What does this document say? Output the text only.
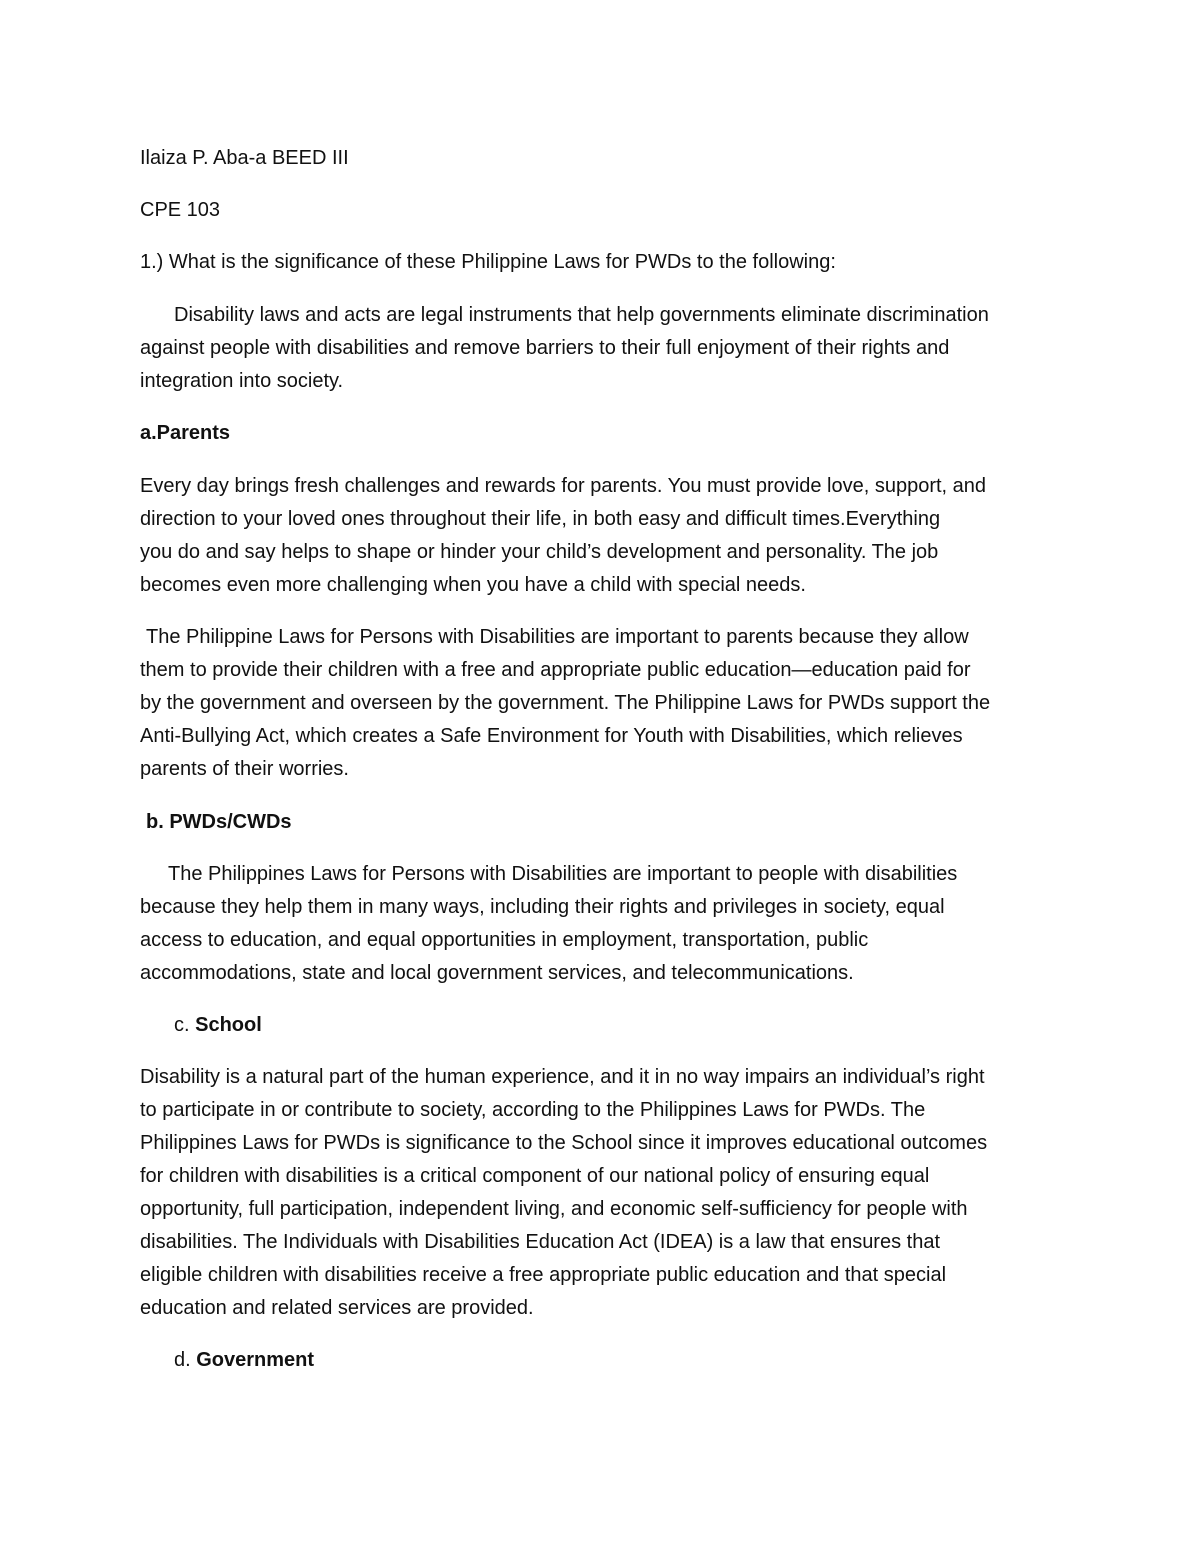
Ilaiza P. Aba-a BEED III

CPE 103

1.) What is the significance of these Philippine Laws for PWDs to the following:

Disability laws and acts are legal instruments that help governments eliminate discrimination

against people with disabilities and remove barriers to their full enjoyment of their rights and

integration into society.

a.Parents

Every day brings fresh challenges and rewards for parents. You must provide love, support, and

direction to your loved ones throughout their life, in both easy and difficult times.Everything

you do and say helps to shape or hinder your child’s development and personality. The job

becomes even more challenging when you have a child with special needs.

The Philippine Laws for Persons with Disabilities are important to parents because they allow

them to provide their children with a free and appropriate public education—education paid for

by the government and overseen by the government. The Philippine Laws for PWDs support the

Anti-Bullying Act, which creates a Safe Environment for Youth with Disabilities, which relieves

parents of their worries.

b. PWDs/CWDs

The Philippines Laws for Persons with Disabilities are important to people with disabilities

because they help them in many ways, including their rights and privileges in society, equal

access to education, and equal opportunities in employment, transportation, public

accommodations, state and local government services, and telecommunications.

c. School

Disability is a natural part of the human experience, and it in no way impairs an individual’s right

to participate in or contribute to society, according to the Philippines Laws for PWDs. The

Philippines Laws for PWDs is significance to the School since it improves educational outcomes

for children with disabilities is a critical component of our national policy of ensuring equal

opportunity, full participation, independent living, and economic self-sufficiency for people with

disabilities. The Individuals with Disabilities Education Act (IDEA) is a law that ensures that

eligible children with disabilities receive a free appropriate public education and that special

education and related services are provided.

d. Government
